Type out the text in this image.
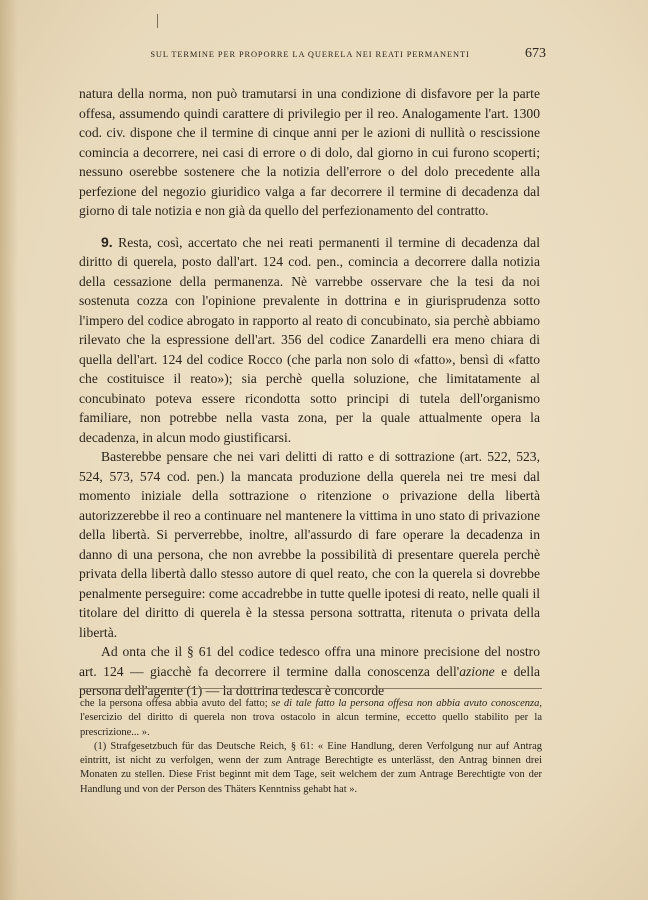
SUL TERMINE PER PROPORRE LA QUERELA NEI REATI PERMANENTI	673

natura della norma, non può tramutarsi in una condizione di disfavore per la parte offesa, assumendo quindi carattere di privilegio per il reo. Analogamente l'art. 1300 cod. civ. dispone che il termine di cinque anni per le azioni di nullità o rescissione comincia a decorrere, nei casi di errore o di dolo, dal giorno in cui furono scoperti; nessuno oserebbe sostenere che la notizia dell'errore o del dolo precedente alla perfezione del negozio giuridico valga a far decorrere il termine di decadenza dal giorno di tale notizia e non già da quello del perfezionamento del contratto.

9. Resta, così, accertato che nei reati permanenti il termine di decadenza dal diritto di querela, posto dall'art. 124 cod. pen., comincia a decorrere dalla notizia della cessazione della permanenza. Nè varrebbe osservare che la tesi da noi sostenuta cozza con l'opinione prevalente in dottrina e in giurisprudenza sotto l'impero del codice abrogato in rapporto al reato di concubinato, sia perchè abbiamo rilevato che la espressione dell'art. 356 del codice Zanardelli era meno chiara di quella dell'art. 124 del codice Rocco (che parla non solo di «fatto», bensì di «fatto che costituisce il reato»); sia perchè quella soluzione, che limitatamente al concubinato poteva essere ricondotta sotto principi di tutela dell'organismo familiare, non potrebbe nella vasta zona, per la quale attualmente opera la decadenza, in alcun modo giustificarsi.

Basterebbe pensare che nei vari delitti di ratto e di sottrazione (art. 522, 523, 524, 573, 574 cod. pen.) la mancata produzione della querela nei tre mesi dal momento iniziale della sottrazione o ritenzione o privazione della libertà autorizzerebbe il reo a continuare nel mantenere la vittima in uno stato di privazione della libertà. Si perverrebbe, inoltre, all'assurdo di fare operare la decadenza in danno di una persona, che non avrebbe la possibilità di presentare querela perchè privata della libertà dallo stesso autore di quel reato, che con la querela si dovrebbe penalmente perseguire: come accadrebbe in tutte quelle ipotesi di reato, nelle quali il titolare del diritto di querela è la stessa persona sottratta, ritenuta o privata della libertà.

Ad onta che il § 61 del codice tedesco offra una minore precisione del nostro art. 124 — giacchè fa decorrere il termine dalla conoscenza dell'azione e della persona dell'agente (1) — la dottrina tedesca è concorde

che la persona offesa abbia avuto del fatto; se di tale fatto la persona offesa non abbia avuto conoscenza, l'esercizio del diritto di querela non trova ostacolo in alcun termine, eccetto quello stabilito per la prescrizione... ».

(1) Strafgesetzbuch für das Deutsche Reich, § 61: « Eine Handlung, deren Verfolgung nur auf Antrag eintritt, ist nicht zu verfolgen, wenn der zum Antrage Berechtigte es unterlässt, den Antrag binnen drei Monaten zu stellen. Diese Frist beginnt mit dem Tage, seit welchem der zum Antrage Berechtigte von der Handlung und von der Person des Thäters Kenntniss gehabt hat ».
